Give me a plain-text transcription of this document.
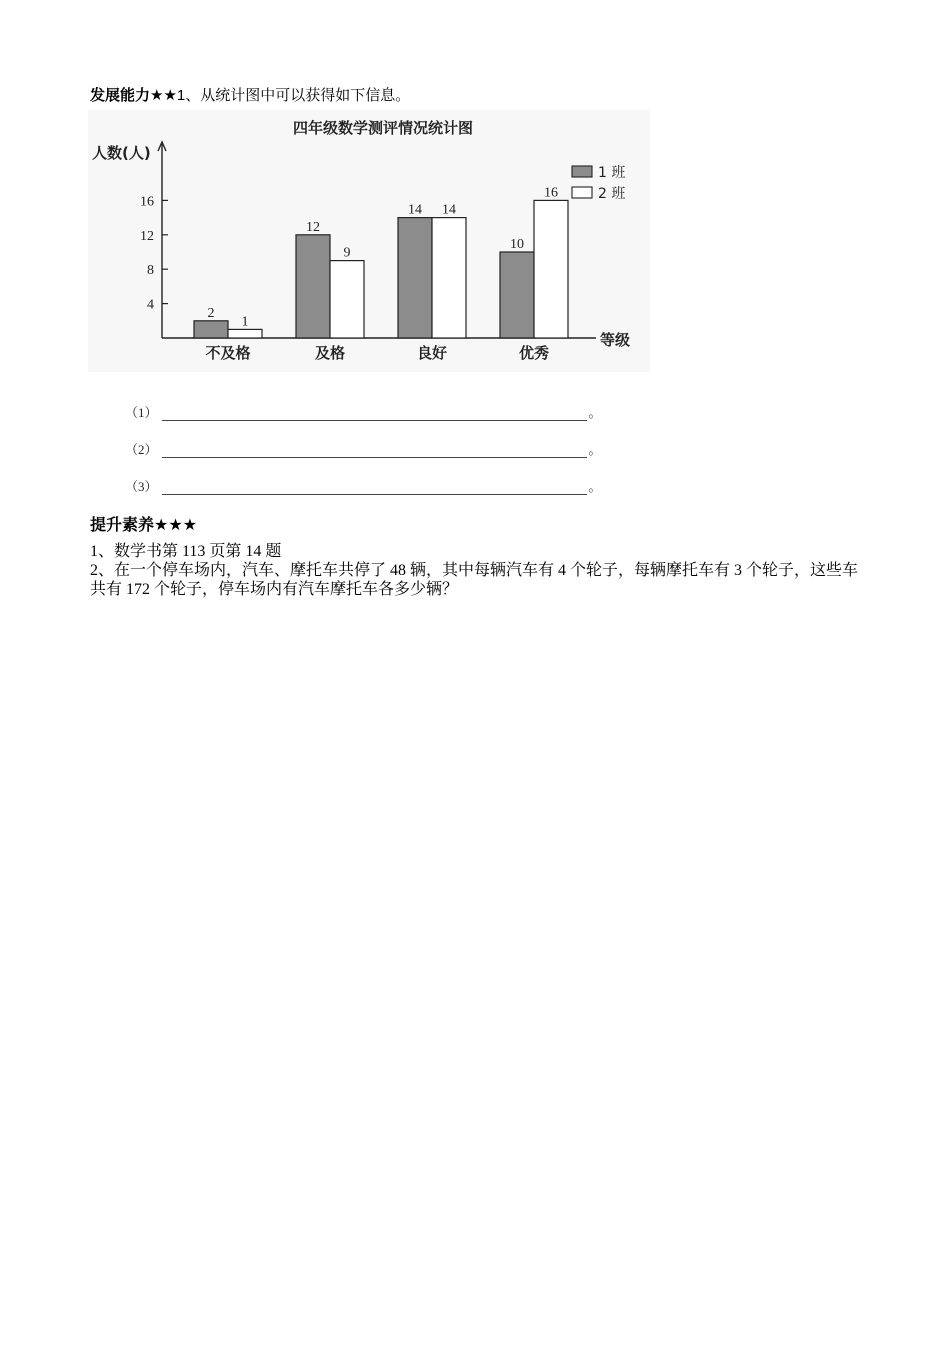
发展能力★★1、从统计图中可以获得如下信息。
四年级数学测评情况统计图
人数(人)
等级
4
8
12
16
2
1
不及格
12
9
及格
14 14
良好
10
16
优秀
1 班
2 班
（1）	。
（2）	。
（3）	。
提升素养★★★
1、数学书第 113 页第 14 题
2、在一个停车场内，汽车、摩托车共停了 48 辆，其中每辆汽车有 4 个轮子，每辆摩托车有 3 个轮子，这些车共有 172 个轮子，停车场内有汽车摩托车各多少辆？
